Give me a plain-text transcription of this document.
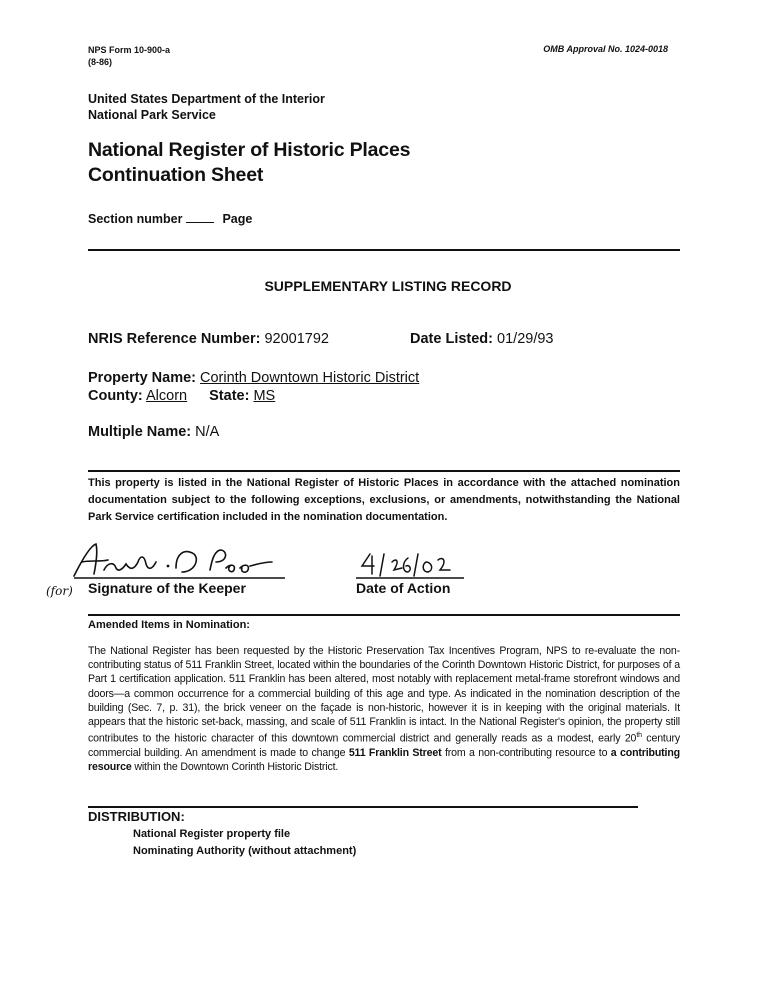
NPS Form 10-900-a
(8-86)
OMB Approval No. 1024-0018
United States Department of the Interior
National Park Service
National Register of Historic Places
Continuation Sheet
Section number	Page
SUPPLEMENTARY LISTING RECORD
NRIS Reference Number: 92001792	Date Listed: 01/29/93
Property Name: Corinth Downtown Historic District
County: Alcorn State: MS
Multiple Name: N/A
This property is listed in the National Register of Historic Places in accordance with the attached nomination documentation subject to the following exceptions, exclusions, or amendments, notwithstanding the National Park Service certification included in the nomination documentation.
(for) Signature of the Keeper	Date of Action
Amended Items in Nomination:
The National Register has been requested by the Historic Preservation Tax Incentives Program, NPS to re-evaluate the non-contributing status of 511 Franklin Street, located within the boundaries of the Corinth Downtown Historic District, for purposes of a Part 1 certification application. 511 Franklin has been altered, most notably with replacement metal-frame storefront windows and doors—a common occurrence for a commercial building of this age and type. As indicated in the nomination description of the building (Sec. 7, p. 31), the brick veneer on the façade is non-historic, however it is in keeping with the original materials. It appears that the historic set-back, massing, and scale of 511 Franklin is intact. In the National Register's opinion, the property still contributes to the historic character of this downtown commercial district and generally reads as a modest, early 20th century commercial building. An amendment is made to change 511 Franklin Street from a non-contributing resource to a contributing resource within the Downtown Corinth Historic District.
DISTRIBUTION:
National Register property file
Nominating Authority (without attachment)
